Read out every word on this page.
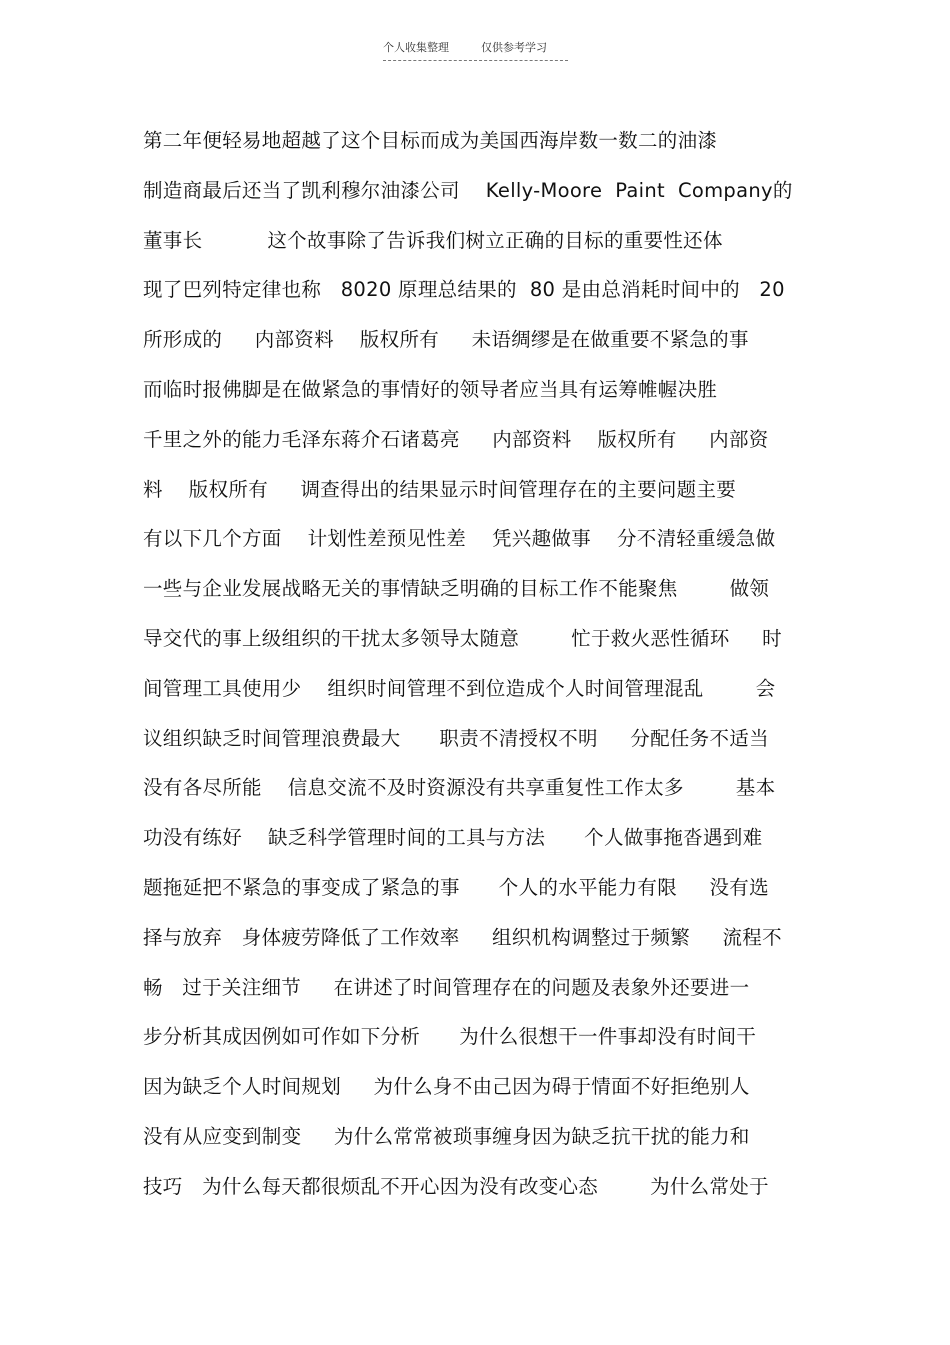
个人收集整理	仅供参考学习
第二年便轻易地超越了这个目标而成为美国西海岸数一数二的油漆
制造商最后还当了凯利穆尔油漆公司    Kelly-Moore  Paint  Company的
董事长          这个故事除了告诉我们树立正确的目标的重要性还体
现了巴列特定律也称   8020 原理总结果的  80 是由总消耗时间中的   20
所形成的     内部资料    版权所有     未语绸缪是在做重要不紧急的事
而临时报佛脚是在做紧急的事情好的领导者应当具有运筹帷幄决胜
千里之外的能力毛泽东蒋介石诸葛亮     内部资料    版权所有     内部资
料    版权所有     调查得出的结果显示时间管理存在的主要问题主要
有以下几个方面    计划性差预见性差    凭兴趣做事    分不清轻重缓急做
一些与企业发展战略无关的事情缺乏明确的目标工作不能聚焦        做领
导交代的事上级组织的干扰太多领导太随意        忙于救火恶性循环     时
间管理工具使用少    组织时间管理不到位造成个人时间管理混乱        会
议组织缺乏时间管理浪费最大      职责不清授权不明     分配任务不适当
没有各尽所能    信息交流不及时资源没有共享重复性工作太多        基本
功没有练好    缺乏科学管理时间的工具与方法      个人做事拖沓遇到难
题拖延把不紧急的事变成了紧急的事      个人的水平能力有限     没有选
择与放弃   身体疲劳降低了工作效率     组织机构调整过于频繁     流程不
畅   过于关注细节     在讲述了时间管理存在的问题及表象外还要进一
步分析其成因例如可作如下分析      为什么很想干一件事却没有时间干
因为缺乏个人时间规划     为什么身不由己因为碍于情面不好拒绝别人
没有从应变到制变     为什么常常被琐事缠身因为缺乏抗干扰的能力和
技巧   为什么每天都很烦乱不开心因为没有改变心态        为什么常处于
